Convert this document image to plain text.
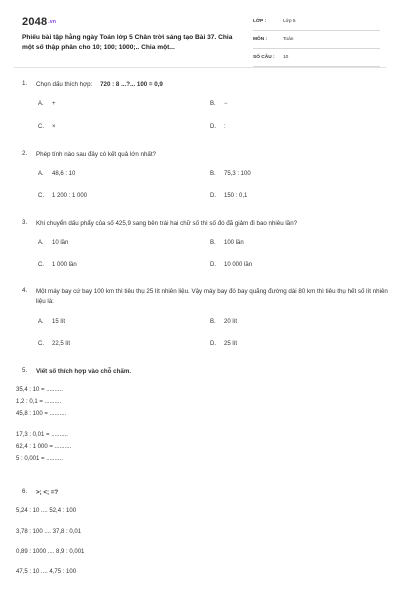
2048.vn
Phiếu bài tập hằng ngày Toán lớp 5 Chân trời sáng tạo Bài 37. Chia một số thập phân cho 10; 100; 1000;.. Chia một...
LỚP :	Lớp 5
MÔN :	Toán
SỐ CÂU : 10
1.	Chọn dấu thích hợp: 720 : 8 ...?... 100 = 0,9
A. +	B. −
C. ×	D. :
2.	Phép tính nào sau đây có kết quả lớn nhất?
A. 48,6 : 10	B. 75,3 : 100
C. 1 200 : 1 000	D. 150 : 0,1
3.	Khi chuyển dấu phẩy của số 425,9 sang bên trái hai chữ số thì số đó đã giảm đi bao nhiêu lần?
A. 10 lần	B. 100 lần
C. 1 000 lần	D. 10 000 lần
4.	Một máy bay cứ bay 100 km thì tiêu thụ 25 lít nhiên liệu. Vậy máy bay đó bay quãng đường dài 80 km thì tiêu thụ hết số lít nhiên liệu là:
A. 15 lít	B. 20 lít
C. 22,5 lít	D. 25 lít
5.	Viết số thích hợp vào chỗ chấm.
35,4 : 10 = ..........
1,2 : 0,1 = ..........
45,8 : 100 = ..........
17,3 : 0,01 = ..........
62,4 : 1 000 = ..........
5 : 0,001 = ..........
6.	>; <; =?
5,24 : 10 .... 52,4 : 100
3,78 : 100 .... 37,8 : 0,01
0,89 : 1000 .... 8,9 : 0,001
47,5 : 10 .... 4,75 : 100
